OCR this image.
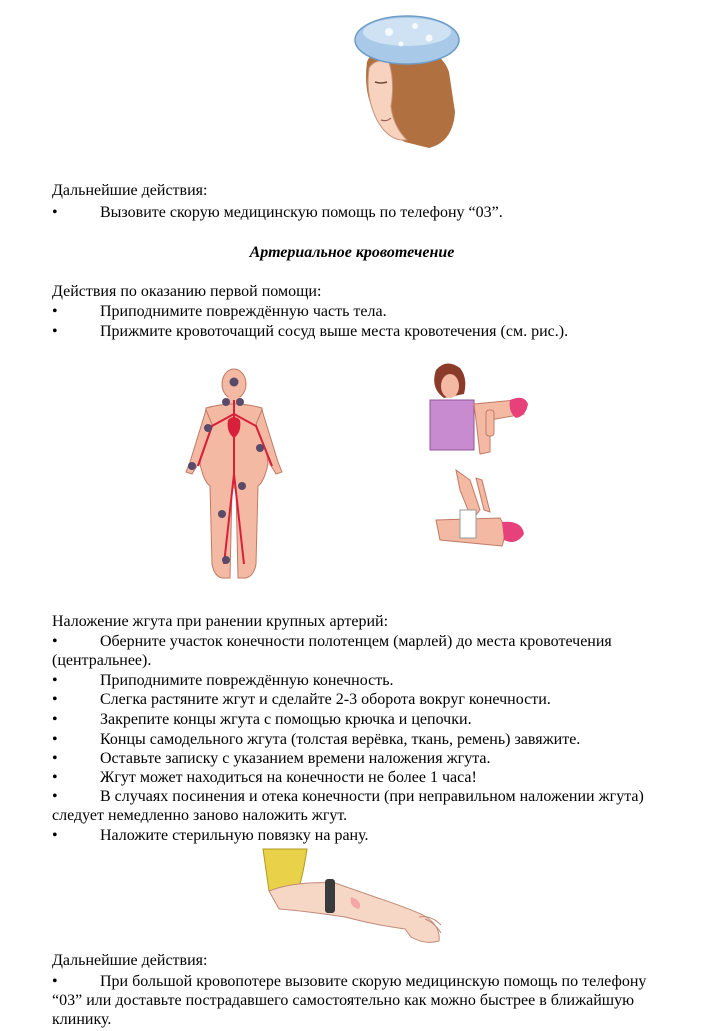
Дальнейшие действия:
•	Вызовите скорую медицинскую помощь по телефону “03”.
Артериальное кровотечение
Действия по оказанию первой помощи:
•	Приподнимите повреждённую часть тела.
•	Прижмите кровоточащий сосуд выше места кровотечения (см. рис.).
Наложение жгута при ранении крупных артерий:
•	Оберните участок конечности полотенцем (марлей) до места кровотечения
(центральнее).
•	Приподнимите повреждённую конечность.
•	Слегка растяните жгут и сделайте 2-3 оборота вокруг конечности.
•	Закрепите концы жгута с помощью крючка и цепочки.
•	Концы самодельного жгута (толстая верёвка, ткань, ремень) завяжите.
•	Оставьте записку с указанием времени наложения жгута.
•	Жгут может находиться на конечности не более 1 часа!
•	В случаях посинения и отека конечности (при неправильном наложении жгута)
следует немедленно заново наложить жгут.
•	Наложите стерильную повязку на рану.
Дальнейшие действия:
•	При большой кровопотере вызовите скорую медицинскую помощь по телефону
“03” или доставьте пострадавшего самостоятельно как можно быстрее в ближайшую
клинику.
